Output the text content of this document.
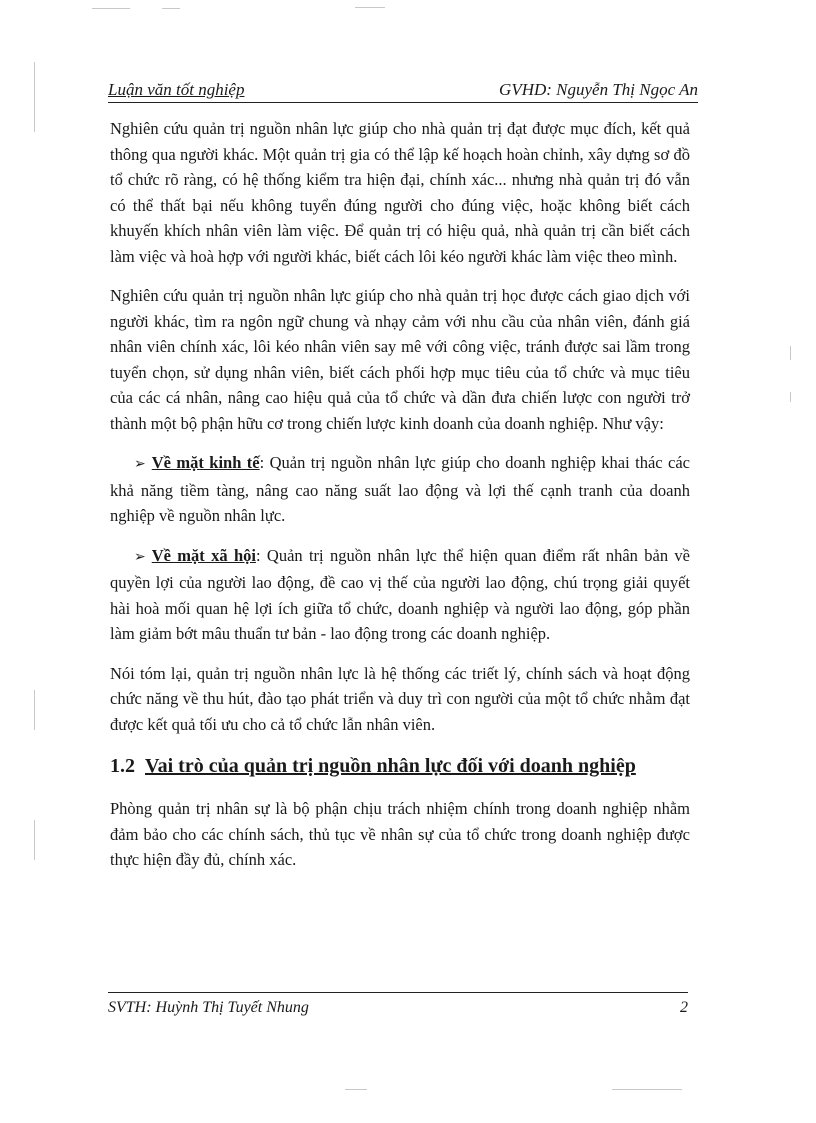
Luận văn tốt nghiệp	GVHD: Nguyễn Thị Ngọc An

Nghiên cứu quản trị nguồn nhân lực giúp cho nhà quản trị đạt được mục đích, kết quả thông qua người khác. Một quản trị gia có thể lập kế hoạch hoàn chỉnh, xây dựng sơ đồ tổ chức rõ ràng, có hệ thống kiểm tra hiện đại, chính xác... nhưng nhà quản trị đó vẫn có thể thất bại nếu không tuyển đúng người cho đúng việc, hoặc không biết cách khuyến khích nhân viên làm việc. Để quản trị có hiệu quả, nhà quản trị cần biết cách làm việc và hoà hợp với người khác, biết cách lôi kéo người khác làm việc theo mình.

Nghiên cứu quản trị nguồn nhân lực giúp cho nhà quản trị học được cách giao dịch với người khác, tìm ra ngôn ngữ chung và nhạy cảm với nhu cầu của nhân viên, đánh giá nhân viên chính xác, lôi kéo nhân viên say mê với công việc, tránh được sai lầm trong tuyển chọn, sử dụng nhân viên, biết cách phối hợp mục tiêu của tổ chức và mục tiêu của các cá nhân, nâng cao hiệu quả của tổ chức và dần đưa chiến lược con người trở thành một bộ phận hữu cơ trong chiến lược kinh doanh của doanh nghiệp. Như vậy:

➢ Về mặt kinh tế: Quản trị nguồn nhân lực giúp cho doanh nghiệp khai thác các khả năng tiềm tàng, nâng cao năng suất lao động và lợi thế cạnh tranh của doanh nghiệp về nguồn nhân lực.

➢ Về mặt xã hội: Quản trị nguồn nhân lực thể hiện quan điểm rất nhân bản về quyền lợi của người lao động, đề cao vị thế của người lao động, chú trọng giải quyết hài hoà mối quan hệ lợi ích giữa tổ chức, doanh nghiệp và người lao động, góp phần làm giảm bớt mâu thuẩn tư bản - lao động trong các doanh nghiệp.

Nói tóm lại, quản trị nguồn nhân lực là hệ thống các triết lý, chính sách và hoạt động chức năng về thu hút, đào tạo phát triển và duy trì con người của một tổ chức nhằm đạt được kết quả tối ưu cho cả tổ chức lẫn nhân viên.

1.2 Vai trò của quản trị nguồn nhân lực đối với doanh nghiệp

Phòng quản trị nhân sự là bộ phận chịu trách nhiệm chính trong doanh nghiệp nhằm đảm bảo cho các chính sách, thủ tục về nhân sự của tổ chức trong doanh nghiệp được thực hiện đầy đủ, chính xác.

SVTH: Huỳnh Thị Tuyết Nhung	2
